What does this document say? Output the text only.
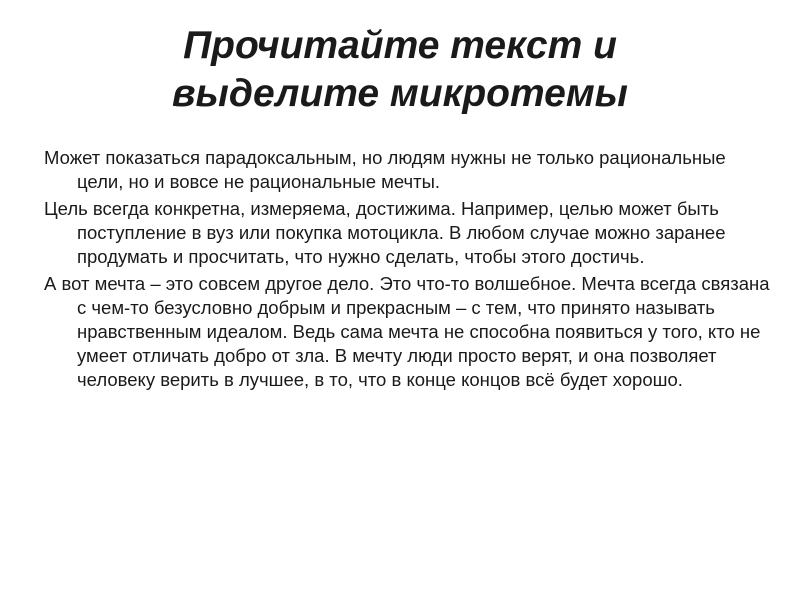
Прочитайте текст и
выделите микротемы

Может показаться парадоксальным, но людям нужны не только рациональные цели, но и вовсе не рациональные мечты.

Цель всегда конкретна, измеряема, достижима. Например, целью может быть поступление в вуз или покупка мотоцикла. В любом случае можно заранее продумать и просчитать, что нужно сделать, чтобы этого достичь.

А вот мечта – это совсем другое дело. Это что-то волшебное. Мечта всегда связана с чем-то безусловно добрым и прекрасным – с тем, что принято называть нравственным идеалом. Ведь сама мечта не способна появиться у того, кто не умеет отличать добро от зла. В мечту люди просто верят, и она позволяет человеку верить в лучшее, в то, что в конце концов всё будет хорошо.
